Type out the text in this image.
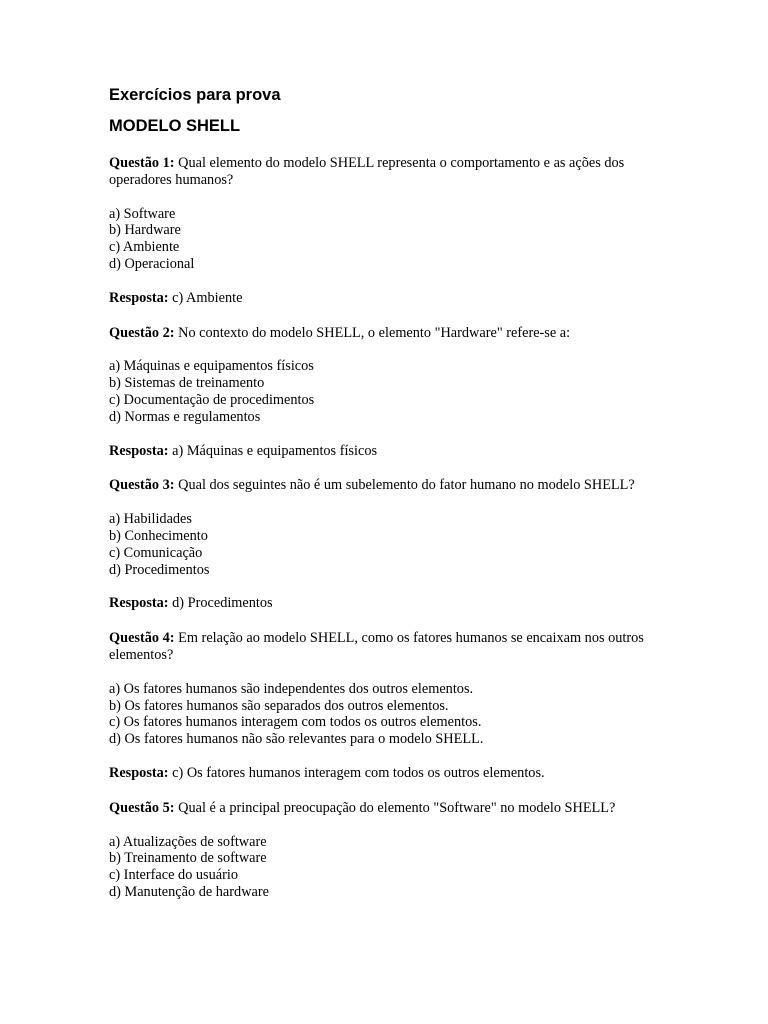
Exercícios para prova
MODELO SHELL
Questão 1: Qual elemento do modelo SHELL representa o comportamento e as ações dos operadores humanos?
a) Software
b) Hardware
c) Ambiente
d) Operacional
Resposta: c) Ambiente
Questão 2: No contexto do modelo SHELL, o elemento "Hardware" refere-se a:
a) Máquinas e equipamentos físicos
b) Sistemas de treinamento
c) Documentação de procedimentos
d) Normas e regulamentos
Resposta: a) Máquinas e equipamentos físicos
Questão 3: Qual dos seguintes não é um subelemento do fator humano no modelo SHELL?
a) Habilidades
b) Conhecimento
c) Comunicação
d) Procedimentos
Resposta: d) Procedimentos
Questão 4: Em relação ao modelo SHELL, como os fatores humanos se encaixam nos outros elementos?
a) Os fatores humanos são independentes dos outros elementos.
b) Os fatores humanos são separados dos outros elementos.
c) Os fatores humanos interagem com todos os outros elementos.
d) Os fatores humanos não são relevantes para o modelo SHELL.
Resposta: c) Os fatores humanos interagem com todos os outros elementos.
Questão 5: Qual é a principal preocupação do elemento "Software" no modelo SHELL?
a) Atualizações de software
b) Treinamento de software
c) Interface do usuário
d) Manutenção de hardware
